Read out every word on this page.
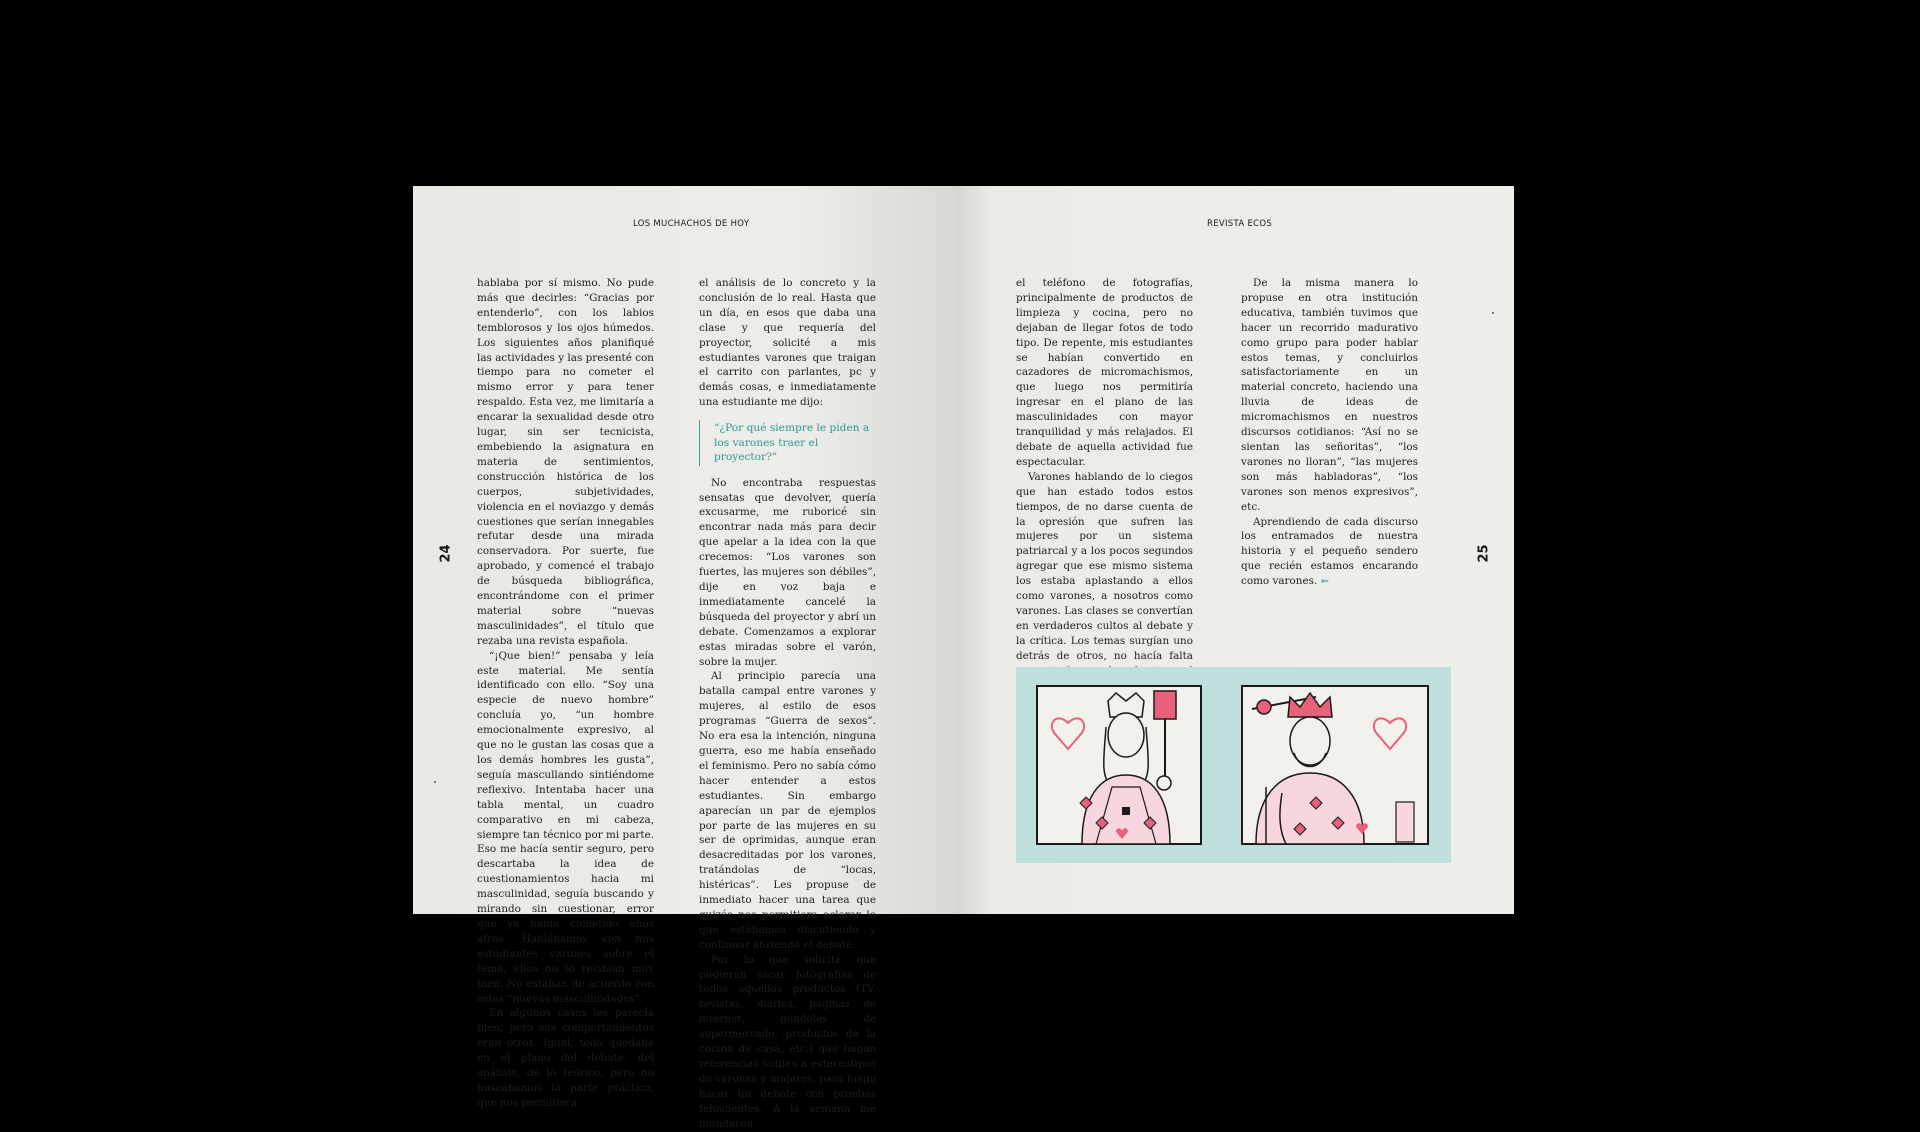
LOS MUCHACHOS DE HOY
24

hablaba por sí mismo. No pude más que decirles: “Gracias por entenderlo”, con los labios temblorosos y los ojos húmedos. Los siguientes años planifiqué las actividades y las presenté con tiempo para no cometer el mismo error y para tener respaldo. Esta vez, me limitaría a encarar la sexualidad desde otro lugar, sin ser tecnicista, embebiendo la asignatura en materia de sentimientos, construcción histórica de los cuerpos, subjetividades, violencia en el noviazgo y demás cuestiones que serían innegables refutar desde una mirada conservadora. Por suerte, fue aprobado, y comencé el trabajo de búsqueda bibliográfica, encontrándome con el primer material sobre “nuevas masculinidades”, el título que rezaba una revista española.

“¡Que bien!” pensaba y leía este material. Me sentía identificado con ello. “Soy una especie de nuevo hombre” concluía yo, “un hombre emocionalmente expresivo, al que no le gustan las cosas que a los demás hombres les gusta”, seguía mascullando sintiéndome reflexivo. Intentaba hacer una tabla mental, un cuadro comparativo en mi cabeza, siempre tan técnico por mi parte. Eso me hacía sentir seguro, pero descartaba la idea de cuestionamientos hacia mi masculinidad, seguía buscando y mirando sin cuestionar, error que ya había cometido años atrás. Hablábamos con mis estudiantes varones sobre el tema, ellos no lo recibían muy bien. No estaban de acuerdo con estas “nuevas masculinidades”.

En algunos casos les parecía bien, pero sus comportamientos eran otros. Igual, todo quedaba en el plano del debate, del análisis, de lo teórico, pero no buscábamos la parte práctica, que nos permitiera

el análisis de lo concreto y la conclusión de lo real. Hasta que un día, en esos que daba una clase y que requería del proyector, solicité a mis estudiantes varones que traigan el carrito con parlantes, pc y demás cosas, e inmediatamente una estudiante me dijo:

“¿Por qué siempre le piden a los varones traer el proyector?”

No encontraba respuestas sensatas que devolver, quería excusarme, me ruboricé sin encontrar nada más para decir que apelar a la idea con la que crecemos: “Los varones son fuertes, las mujeres son débiles”, dije en voz baja e inmediatamente cancelé la búsqueda del proyector y abrí un debate. Comenzamos a explorar estas miradas sobre el varón, sobre la mujer.

Al principio parecía una batalla campal entre varones y mujeres, al estilo de esos programas “Guerra de sexos”. No era esa la intención, ninguna guerra, eso me había enseñado el feminismo. Pero no sabía cómo hacer entender a estos estudiantes. Sin embargo aparecían un par de ejemplos por parte de las mujeres en su ser de oprimidas, aunque eran desacreditadas por los varones, tratándolas de “locas, histéricas”. Les propuse de inmediato hacer una tarea que quizás nos permitiera aclarar lo que estábamos discutiendo y continuar abriendo el debate.

Por lo que solicité que pudieran sacar fotografías de todos aquellos productos (TV, revistas, diarios, páginas de internet, góndolas de supermercado, productos de la cocina de casa, etc.) que hagan referencias sutiles a estereotipos de varones y mujeres, para luego hacer un debate con pruebas fehacientes. A la semana me inundaron

REVISTA ECOS
25

el teléfono de fotografías, principalmente de productos de limpieza y cocina, pero no dejaban de llegar fotos de todo tipo. De repente, mis estudiantes se habían convertido en cazadores de micromachismos, que luego nos permitiría ingresar en el plano de las masculinidades con mayor tranquilidad y más relajados. El debate de aquella actividad fue espectacular.

Varones hablando de lo ciegos que han estado todos estos tiempos, de no darse cuenta de la opresión que sufren las mujeres por un sistema patriarcal y a los pocos segundos agregar que ese mismo sistema los estaba aplastando a ellos como varones, a nosotros como varones. Las clases se convertían en verdaderos cultos al debate y la crítica. Los temas surgían uno detrás de otros, no hacía falta

De la misma manera lo propuse en otra institución educativa, también tuvimos que hacer un recorrido madurativo como grupo para poder hablar estos temas, y concluirlos satisfactoriamente en un material concreto, haciendo una lluvia de ideas de micromachismos en nuestros discursos cotidianos: “Así no se sientan las señoritas”, “los varones no lloran”, “las mujeres son más habladoras”, “los varones son menos expresivos”, etc.

Aprendiendo de cada discurso los entramados de nuestra historia y el pequeño sendero que recién estamos encarando como varones. ⇐
